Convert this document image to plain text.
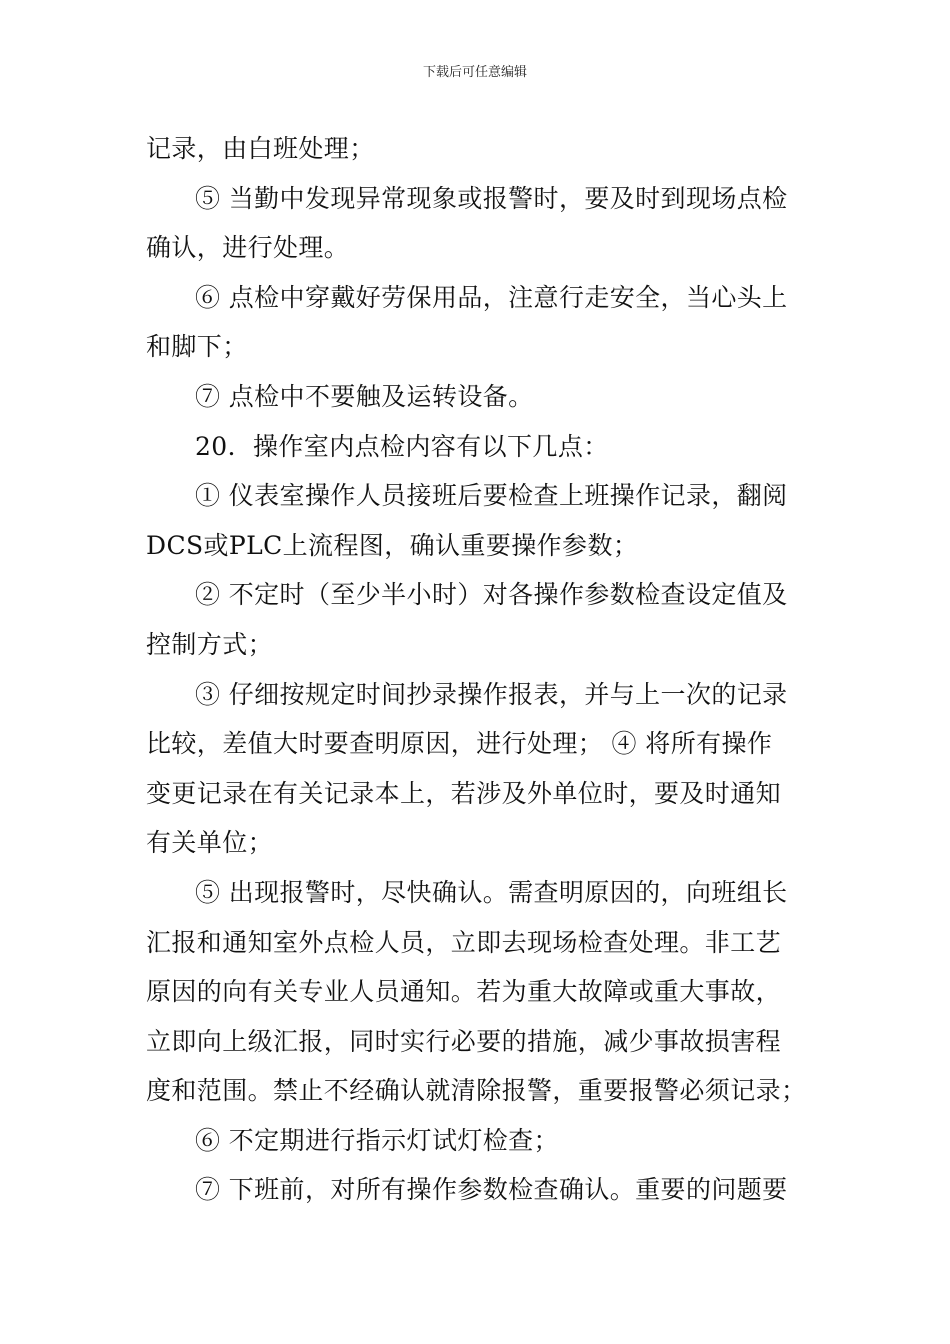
下载后可任意编辑
记录，由白班处理；
⑤ 当勤中发现异常现象或报警时，要及时到现场点检
确认，进行处理。
⑥ 点检中穿戴好劳保用品，注意行走安全，当心头上
和脚下；
⑦ 点检中不要触及运转设备。
20．操作室内点检内容有以下几点：
① 仪表室操作人员接班后要检查上班操作记录，翻阅
DCS或PLC上流程图，确认重要操作参数；
② 不定时（至少半小时）对各操作参数检查设定值及
控制方式；
③ 仔细按规定时间抄录操作报表，并与上一次的记录
比较，差值大时要查明原因，进行处理； ④ 将所有操作
变更记录在有关记录本上，若涉及外单位时，要及时通知
有关单位；
⑤ 出现报警时，尽快确认。需查明原因的，向班组长
汇报和通知室外点检人员，立即去现场检查处理。非工艺
原因的向有关专业人员通知。若为重大故障或重大事故，
立即向上级汇报，同时实行必要的措施，减少事故损害程
度和范围。禁止不经确认就清除报警，重要报警必须记录；
⑥ 不定期进行指示灯试灯检查；
⑦ 下班前，对所有操作参数检查确认。重要的问题要
